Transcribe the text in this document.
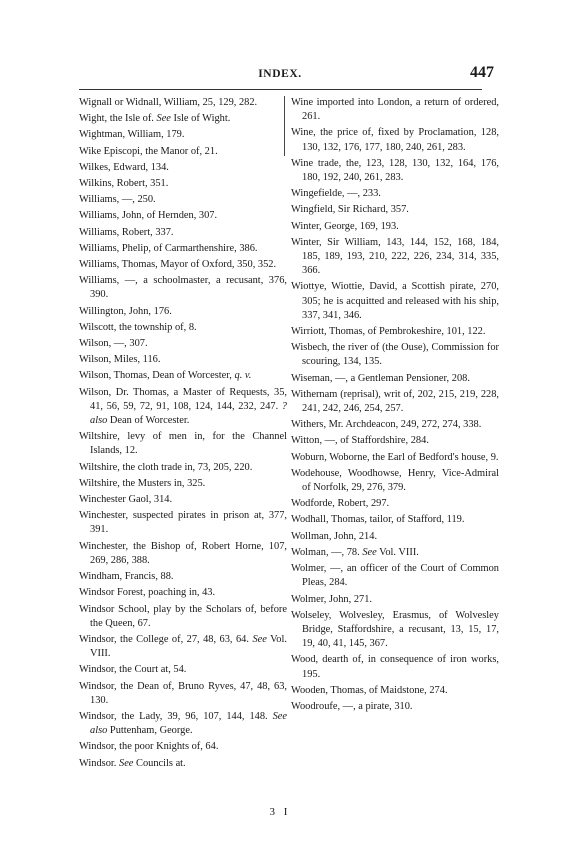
INDEX.	447

Wignall or Widnall, William, 25, 129, 282.

Wight, the Isle of. See Isle of Wight.

Wightman, William, 179.

Wike Episcopi, the Manor of, 21.

Wilkes, Edward, 134.

Wilkins, Robert, 351.

Williams, —, 250.

Williams, John, of Hernden, 307.

Williams, Robert, 337.

Williams, Phelip, of Carmarthenshire, 386.

Williams, Thomas, Mayor of Oxford, 350, 352.

Williams, —, a schoolmaster, a recusant, 376, 390.

Willington, John, 176.

Wilscott, the township of, 8.

Wilson, —, 307.

Wilson, Miles, 116.

Wilson, Thomas, Dean of Worcester, q. v.

Wilson, Dr. Thomas, a Master of Requests, 35, 41, 56, 59, 72, 91, 108, 124, 144, 232, 247. ? also Dean of Worcester.

Wiltshire, levy of men in, for the Channel Islands, 12.

Wiltshire, the cloth trade in, 73, 205, 220.

Wiltshire, the Musters in, 325.

Winchester Gaol, 314.

Winchester, suspected pirates in prison at, 377, 391.

Winchester, the Bishop of, Robert Horne, 107, 269, 286, 388.

Windham, Francis, 88.

Windsor Forest, poaching in, 43.

Windsor School, play by the Scholars of, before the Queen, 67.

Windsor, the College of, 27, 48, 63, 64. See Vol. VIII.

Windsor, the Court at, 54.

Windsor, the Dean of, Bruno Ryves, 47, 48, 63, 130.

Windsor, the Lady, 39, 96, 107, 144, 148. See also Puttenham, George.

Windsor, the poor Knights of, 64.

Windsor. See Councils at.

Wine imported into London, a return of ordered, 261.

Wine, the price of, fixed by Proclamation, 128, 130, 132, 176, 177, 180, 240, 261, 283.

Wine trade, the, 123, 128, 130, 132, 164, 176, 180, 192, 240, 261, 283.

Wingefielde, —, 233.

Wingfield, Sir Richard, 357.

Winter, George, 169, 193.

Winter, Sir William, 143, 144, 152, 168, 184, 185, 189, 193, 210, 222, 226, 234, 314, 335, 366.

Wiottye, Wiottie, David, a Scottish pirate, 270, 305; he is acquitted and released with his ship, 337, 341, 346.

Wirriott, Thomas, of Pembrokeshire, 101, 122.

Wisbech, the river of (the Ouse), Commission for scouring, 134, 135.

Wiseman, —, a Gentleman Pensioner, 208.

Withernam (reprisal), writ of, 202, 215, 219, 228, 241, 242, 246, 254, 257.

Withers, Mr. Archdeacon, 249, 272, 274, 338.

Witton, —, of Staffordshire, 284.

Woburn, Woborne, the Earl of Bedford's house, 9.

Wodehouse, Woodhowse, Henry, Vice-Admiral of Norfolk, 29, 276, 379.

Wodforde, Robert, 297.

Wodhall, Thomas, tailor, of Stafford, 119.

Wollman, John, 214.

Wolman, —, 78. See Vol. VIII.

Wolmer, —, an officer of the Court of Common Pleas, 284.

Wolmer, John, 271.

Wolseley, Wolvesley, Erasmus, of Wolvesley Bridge, Staffordshire, a recusant, 13, 15, 17, 19, 40, 41, 145, 367.

Wood, dearth of, in consequence of iron works, 195.

Wooden, Thomas, of Maidstone, 274.

Woodroufe, —, a pirate, 310.

3 I
